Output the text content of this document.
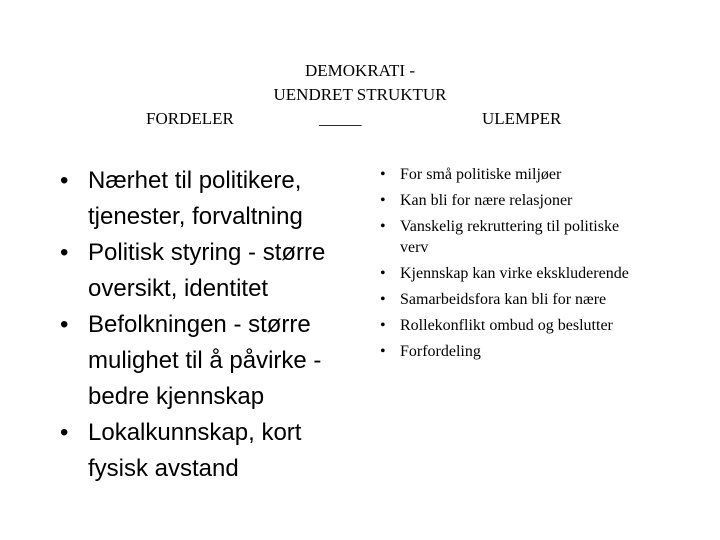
DEMOKRATI -
UENDRET STRUKTUR
FORDELER	_____	ULEMPER
• Nærhet til politikere, tjenester, forvaltning
• Politisk styring - større oversikt, identitet
• Befolkningen - større mulighet til å påvirke - bedre kjennskap
• Lokalkunnskap, kort fysisk avstand
• For små politiske miljøer
• Kan bli for nære relasjoner
• Vanskelig rekruttering til politiske verv
• Kjennskap kan virke ekskluderende
• Samarbeidsfora kan bli for nære
• Rollekonflikt ombud og beslutter
• Forfordeling
